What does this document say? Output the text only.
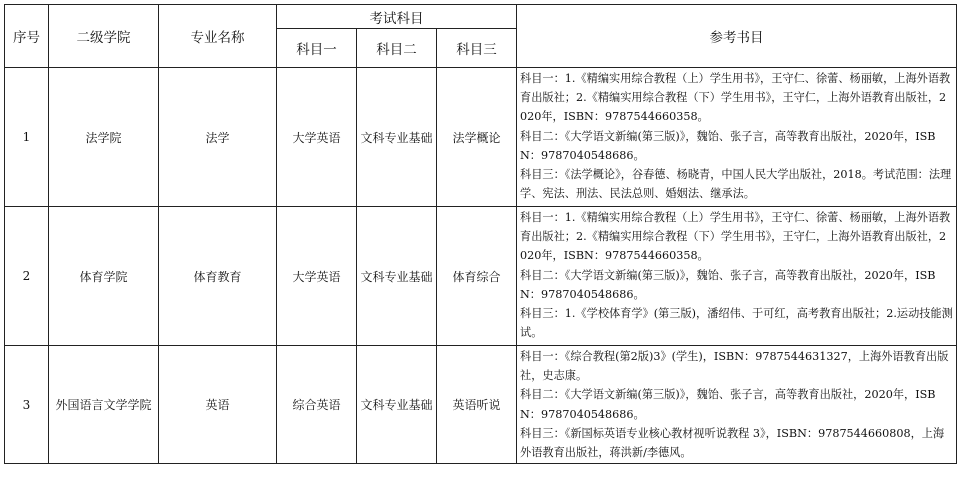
序号	二级学院	专业名称	考试科目			参考书目
			科目一	科目二	科目三	
1	法学院	法学	大学英语	文科专业基础	法学概论	科目一：1.《精编实用综合教程（上）学生用书》，王守仁、徐蕾、杨丽敏，上海外语教育出版社；2.《精编实用综合教程（下）学生用书》，王守仁，上海外语教育出版社，2020年，ISBN：9787544660358。
科目二：《大学语文新编(第三版)》，魏饴、张子言，高等教育出版社，2020年，ISBN：9787040548686。
科目三：《法学概论》，谷春德、杨晓青，中国人民大学出版社，2018。考试范围：法理学、宪法、刑法、民法总则、婚姻法、继承法。

2	体育学院	体育教育	大学英语	文科专业基础	体育综合	科目一：1.《精编实用综合教程（上）学生用书》，王守仁、徐蕾、杨丽敏，上海外语教育出版社；2.《精编实用综合教程（下）学生用书》，王守仁，上海外语教育出版社，2020年，ISBN：9787544660358。
科目二：《大学语文新编(第三版)》，魏饴、张子言，高等教育出版社，2020年，ISBN：9787040548686。
科目三：1.《学校体育学》(第三版)，潘绍伟、于可红，高考教育出版社；2.运动技能测试。

3	外国语言文学学院	英语	综合英语	文科专业基础	英语听说	科目一：《综合教程(第2版)3》(学生)，ISBN：9787544631327，上海外语教育出版社，史志康。
科目二：《大学语文新编(第三版)》，魏饴、张子言，高等教育出版社，2020年，ISBN：9787040548686。
科目三：《新国标英语专业核心教材视听说教程 3》，ISBN：9787544660808，上海外语教育出版社，蒋洪新/李德风。
